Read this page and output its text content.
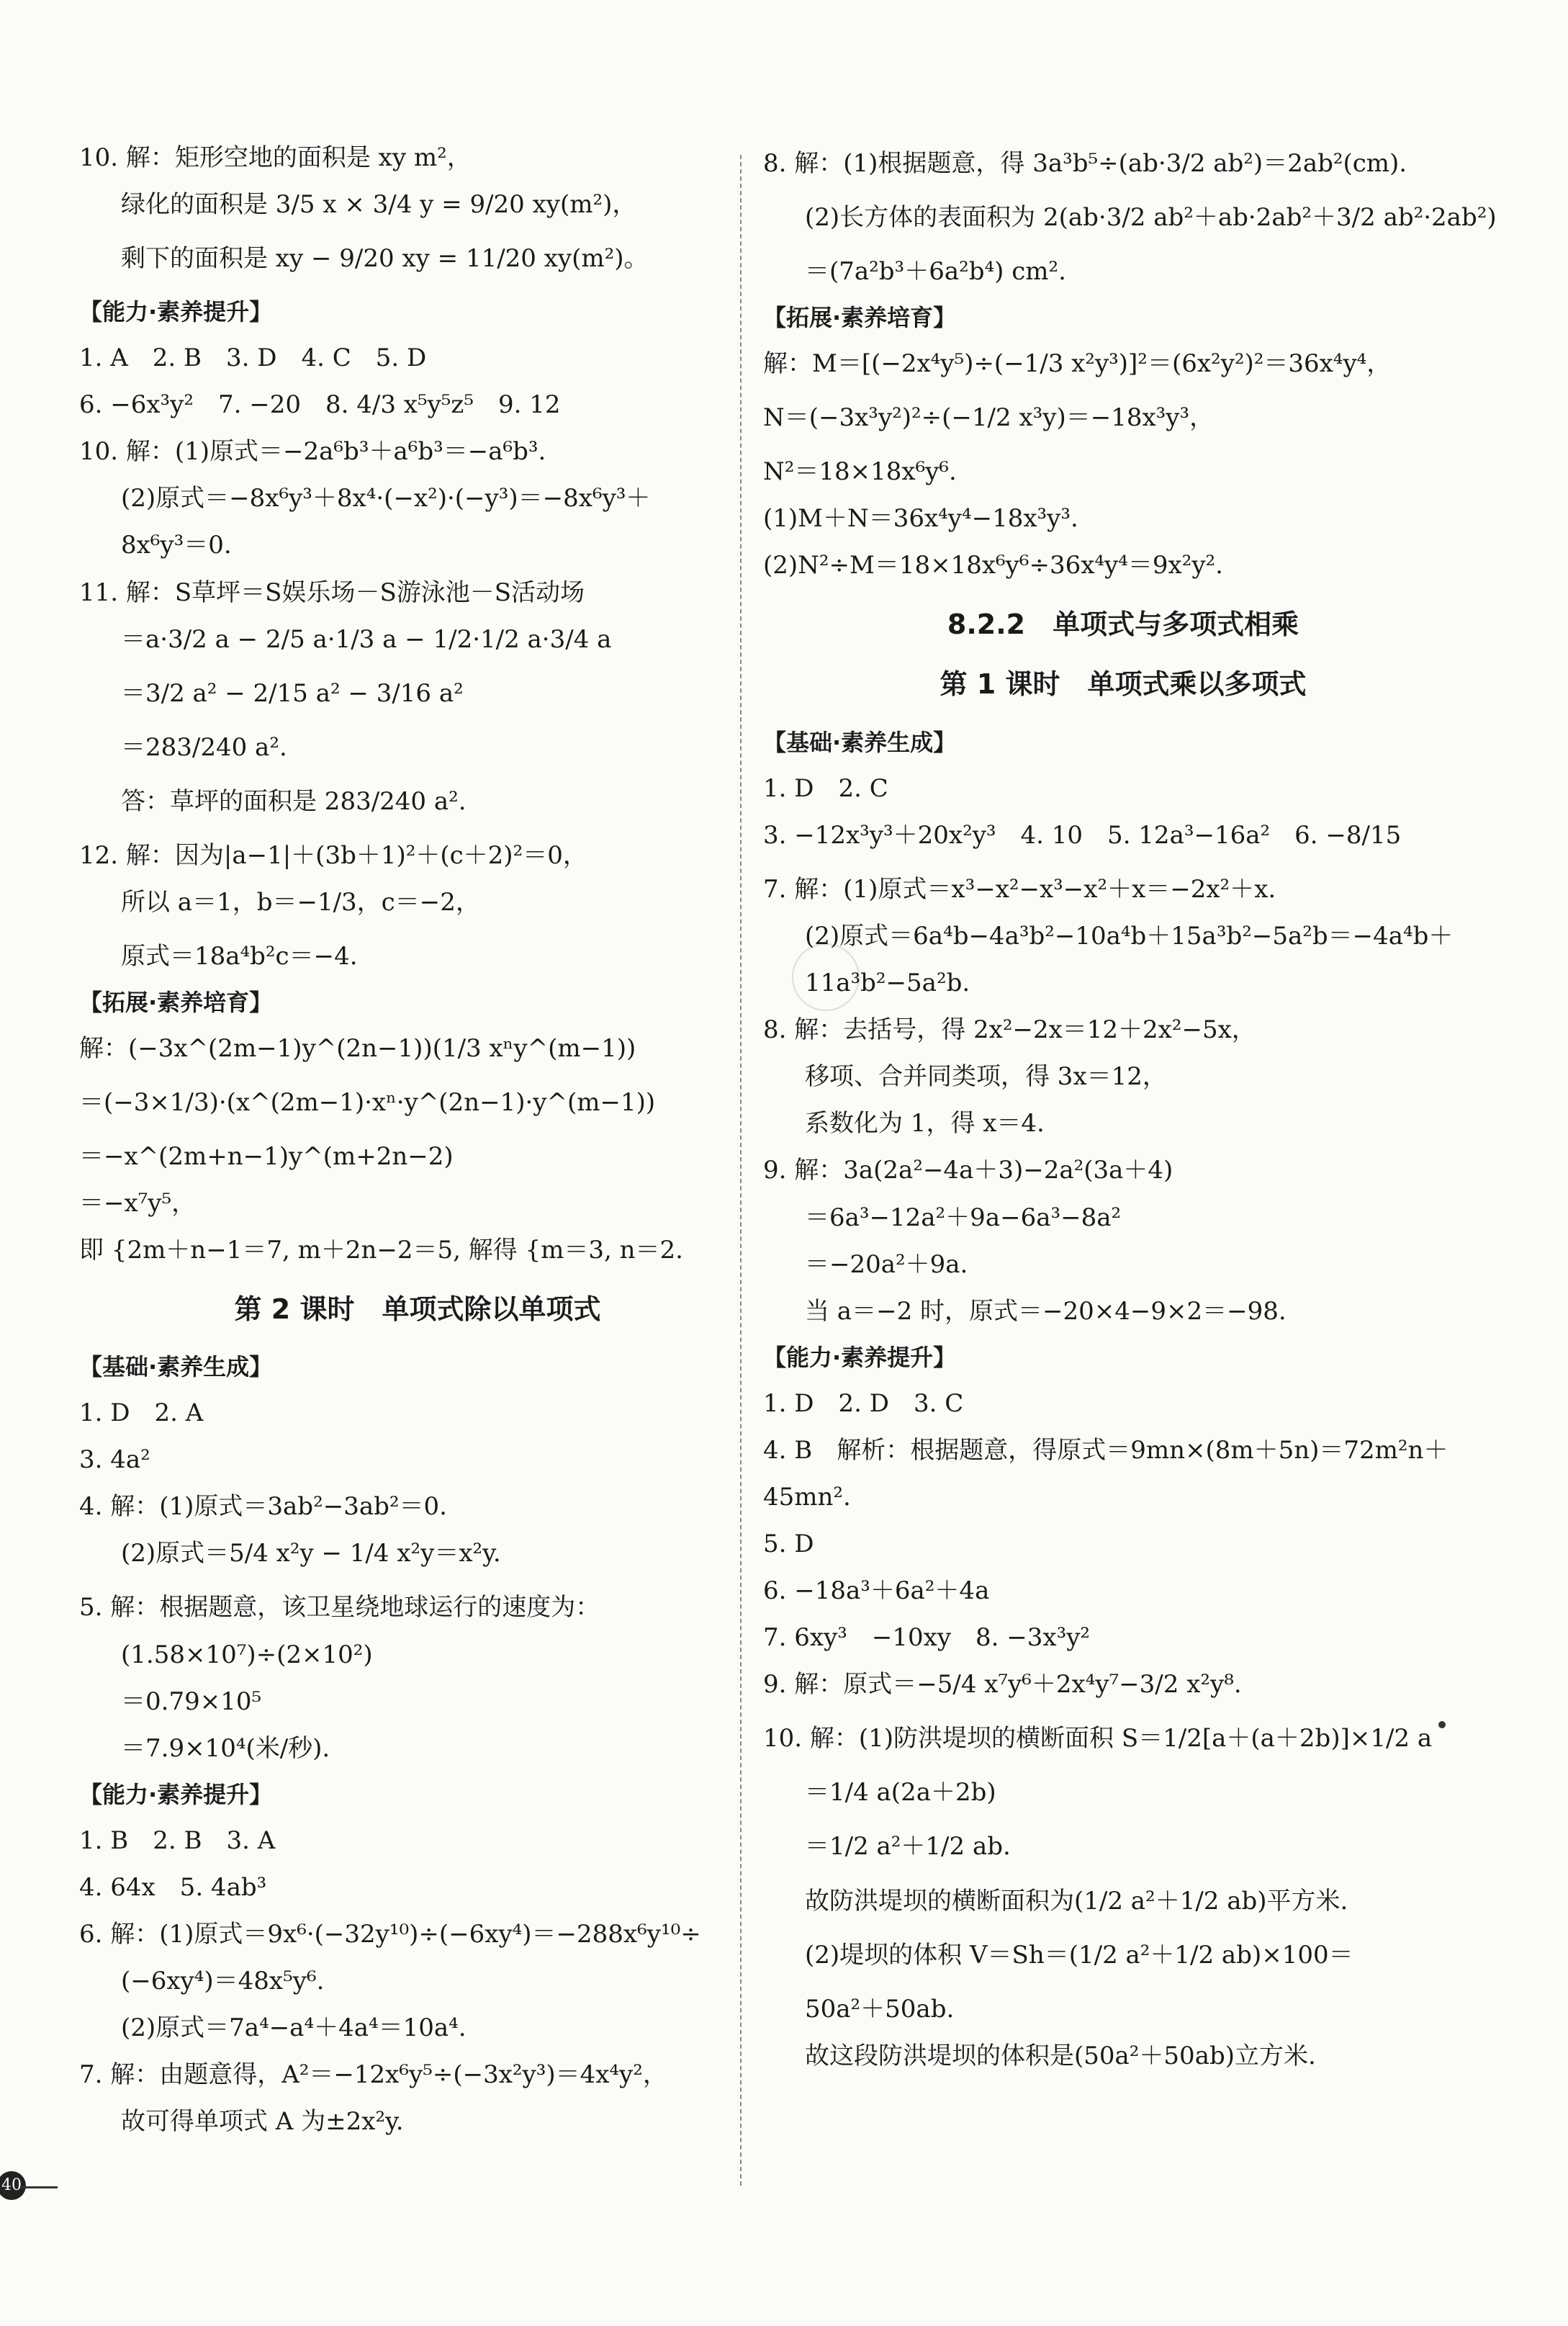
10. 解：矩形空地的面积是 xy m²，
绿化的面积是 3/5 x × 3/4 y = 9/20 xy(m²)，
剩下的面积是 xy − 9/20 xy = 11/20 xy(m²)。
【能力·素养提升】
1. A　2. B　3. D　4. C　5. D
6. −6x³y²　7. −20　8. 4/3 x⁵y⁵z⁵　9. 12
10. 解：(1)原式＝−2a⁶b³＋a⁶b³＝−a⁶b³.
(2)原式＝−8x⁶y³＋8x⁴·(−x²)·(−y³)＝−8x⁶y³＋
8x⁶y³＝0.
11. 解：S草坪＝S娱乐场－S游泳池－S活动场
＝a·3/2 a − 2/5 a·1/3 a − 1/2·1/2 a·3/4 a
＝3/2 a² − 2/15 a² − 3/16 a²
＝283/240 a².
答：草坪的面积是 283/240 a².
12. 解：因为|a−1|＋(3b＋1)²＋(c＋2)²＝0，
所以 a＝1，b＝−1/3，c＝−2，
原式＝18a⁴b²c＝−4.
【拓展·素养培育】
解：(−3x^(2m−1)y^(2n−1))(1/3 xⁿy^(m−1))
＝(−3×1/3)·(x^(2m−1)·xⁿ·y^(2n−1)·y^(m−1))
＝−x^(2m+n−1)y^(m+2n−2)
＝−x⁷y⁵，
即 {2m＋n−1＝7, m＋2n−2＝5, 解得 {m＝3, n＝2.
第 2 课时　单项式除以单项式
【基础·素养生成】
1. D　2. A
3. 4a²
4. 解：(1)原式＝3ab²−3ab²＝0.
(2)原式＝5/4 x²y − 1/4 x²y＝x²y.
5. 解：根据题意，该卫星绕地球运行的速度为：
(1.58×10⁷)÷(2×10²)
＝0.79×10⁵
＝7.9×10⁴(米/秒).
【能力·素养提升】
1. B　2. B　3. A
4. 64x　5. 4ab³
6. 解：(1)原式＝9x⁶·(−32y¹⁰)÷(−6xy⁴)＝−288x⁶y¹⁰÷
(−6xy⁴)＝48x⁵y⁶.
(2)原式＝7a⁴−a⁴＋4a⁴＝10a⁴.
7. 解：由题意得，A²＝−12x⁶y⁵÷(−3x²y³)＝4x⁴y²，
故可得单项式 A 为±2x²y.
8. 解：(1)根据题意，得 3a³b⁵÷(ab·3/2 ab²)＝2ab²(cm).
(2)长方体的表面积为 2(ab·3/2 ab²＋ab·2ab²＋3/2 ab²·2ab²)
＝(7a²b³＋6a²b⁴) cm².
【拓展·素养培育】
解：M＝[(−2x⁴y⁵)÷(−1/3 x²y³)]²＝(6x²y²)²＝36x⁴y⁴，
N＝(−3x³y²)²÷(−1/2 x³y)＝−18x³y³，
N²＝18×18x⁶y⁶.
(1)M＋N＝36x⁴y⁴−18x³y³.
(2)N²÷M＝18×18x⁶y⁶÷36x⁴y⁴＝9x²y².
8.2.2　单项式与多项式相乘
第 1 课时　单项式乘以多项式
【基础·素养生成】
1. D　2. C
3. −12x³y³＋20x²y³　4. 10　5. 12a³−16a²　6. −8/15
7. 解：(1)原式＝x³−x²−x³−x²＋x＝−2x²＋x.
(2)原式＝6a⁴b−4a³b²−10a⁴b＋15a³b²−5a²b＝−4a⁴b＋
11a³b²−5a²b.
8. 解：去括号，得 2x²−2x＝12＋2x²−5x，
移项、合并同类项，得 3x＝12，
系数化为 1，得 x＝4.
9. 解：3a(2a²−4a＋3)−2a²(3a＋4)
＝6a³−12a²＋9a−6a³−8a²
＝−20a²＋9a.
当 a＝−2 时，原式＝−20×4−9×2＝−98.
【能力·素养提升】
1. D　2. D　3. C
4. B　解析：根据题意，得原式＝9mn×(8m＋5n)＝72m²n＋
45mn².
5. D
6. −18a³＋6a²＋4a
7. 6xy³　−10xy　8. −3x³y²
9. 解：原式＝−5/4 x⁷y⁶＋2x⁴y⁷−3/2 x²y⁸.
10. 解：(1)防洪堤坝的横断面积 S＝1/2[a＋(a＋2b)]×1/2 a
＝1/4 a(2a＋2b)
＝1/2 a²＋1/2 ab.
故防洪堤坝的横断面积为(1/2 a²＋1/2 ab)平方米.
(2)堤坝的体积 V＝Sh＝(1/2 a²＋1/2 ab)×100＝
50a²＋50ab.
故这段防洪堤坝的体积是(50a²＋50ab)立方米.
40
